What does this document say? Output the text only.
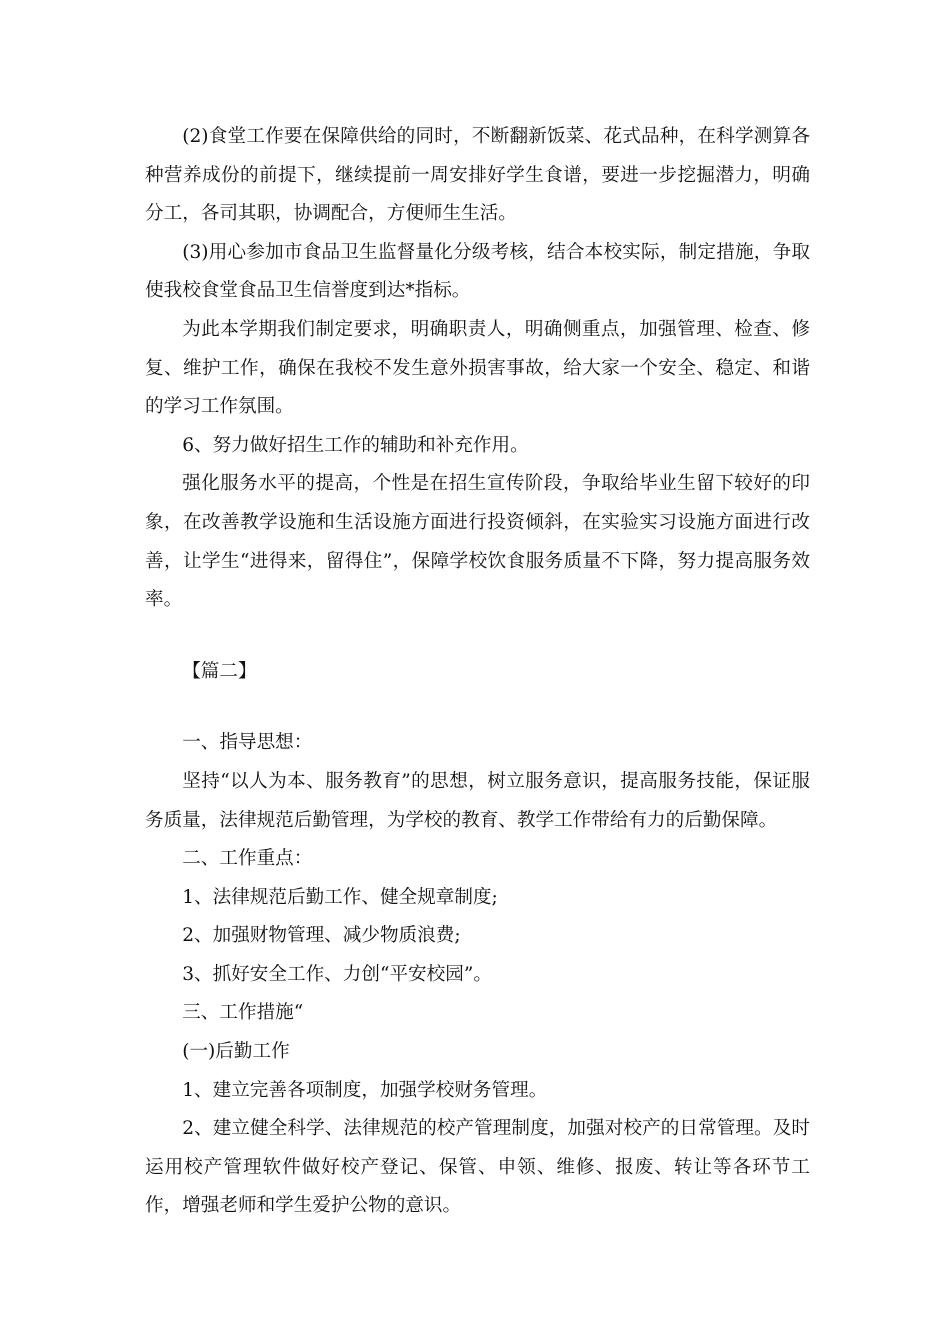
(2)食堂工作要在保障供给的同时，不断翻新饭菜、花式品种，在科学测算各种营养成份的前提下，继续提前一周安排好学生食谱，要进一步挖掘潜力，明确分工，各司其职，协调配合，方便师生生活。

(3)用心参加市食品卫生监督量化分级考核，结合本校实际，制定措施，争取使我校食堂食品卫生信誉度到达*指标。

为此本学期我们制定要求，明确职责人，明确侧重点，加强管理、检查、修复、维护工作，确保在我校不发生意外损害事故，给大家一个安全、稳定、和谐的学习工作氛围。

6、努力做好招生工作的辅助和补充作用。

强化服务水平的提高，个性是在招生宣传阶段，争取给毕业生留下较好的印象，在改善教学设施和生活设施方面进行投资倾斜，在实验实习设施方面进行改善，让学生“进得来，留得住”，保障学校饮食服务质量不下降，努力提高服务效率。

【篇二】

一、指导思想：

坚持“以人为本、服务教育”的思想，树立服务意识，提高服务技能，保证服务质量，法律规范后勤管理，为学校的教育、教学工作带给有力的后勤保障。

二、工作重点：

1、法律规范后勤工作、健全规章制度;

2、加强财物管理、减少物质浪费;

3、抓好安全工作、力创“平安校园”。

三、工作措施“

(一)后勤工作

1、建立完善各项制度，加强学校财务管理。

2、建立健全科学、法律规范的校产管理制度，加强对校产的日常管理。及时运用校产管理软件做好校产登记、保管、申领、维修、报废、转让等各环节工作，增强老师和学生爱护公物的意识。
